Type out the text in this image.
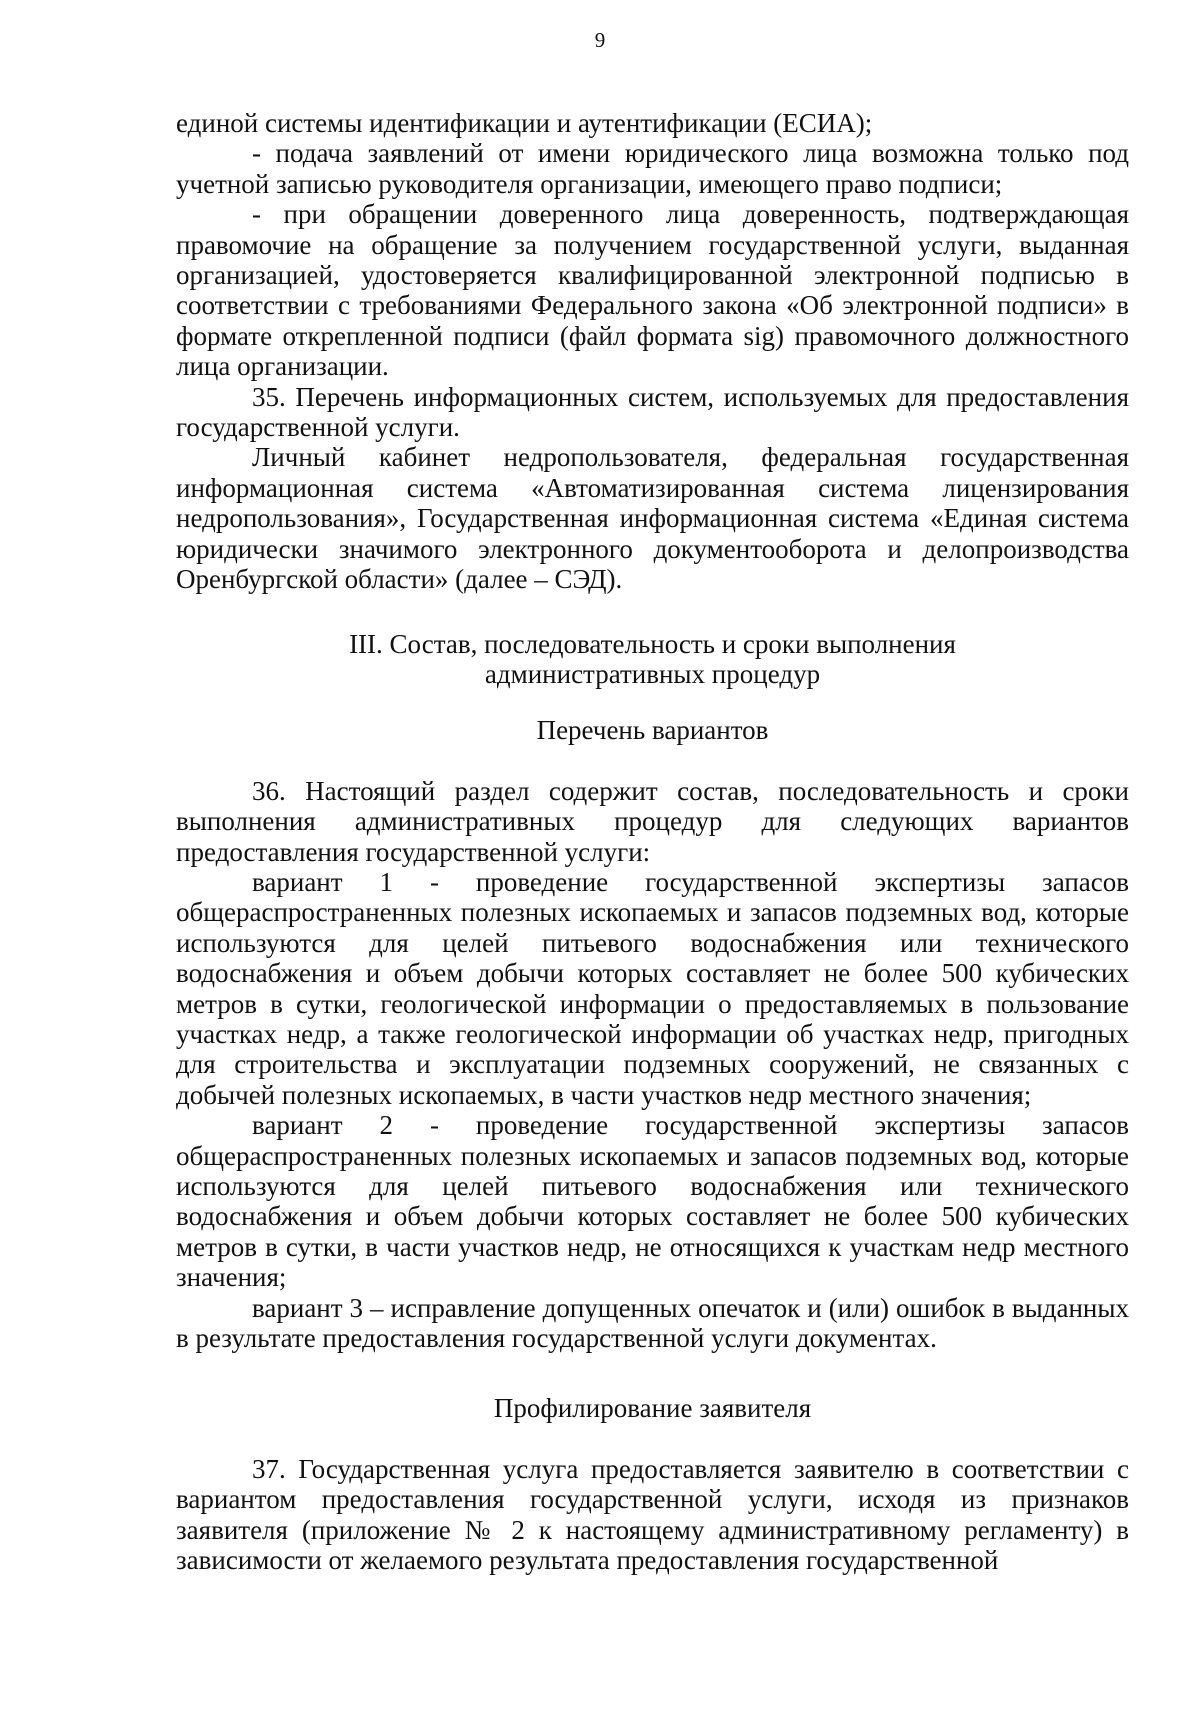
9

единой системы идентификации и аутентификации (ЕСИА);

- подача заявлений от имени юридического лица возможна только под учетной записью руководителя организации, имеющего право подписи;

- при обращении доверенного лица доверенность, подтверждающая правомочие на обращение за получением государственной услуги, выданная организацией, удостоверяется квалифицированной электронной подписью в соответствии с требованиями Федерального закона «Об электронной подписи» в формате открепленной подписи (файл формата sig) правомочного должностного лица организации.

35. Перечень информационных систем, используемых для предоставления государственной услуги.

Личный кабинет недропользователя, федеральная государственная информационная система «Автоматизированная система лицензирования недропользования», Государственная информационная система «Единая система юридически значимого электронного документооборота и делопроизводства Оренбургской области» (далее – СЭД).

III. Состав, последовательность и сроки выполнения
административных процедур
Перечень вариантов

36. Настоящий раздел содержит состав, последовательность и сроки выполнения административных процедур для следующих вариантов предоставления государственной услуги:

вариант 1 - проведение государственной экспертизы запасов общераспространенных полезных ископаемых и запасов подземных вод, которые используются для целей питьевого водоснабжения или технического водоснабжения и объем добычи которых составляет не более 500 кубических метров в сутки, геологической информации о предоставляемых в пользование участках недр, а также геологической информации об участках недр, пригодных для строительства и эксплуатации подземных сооружений, не связанных с добычей полезных ископаемых, в части участков недр местного значения;

вариант 2 - проведение государственной экспертизы запасов общераспространенных полезных ископаемых и запасов подземных вод, которые используются для целей питьевого водоснабжения или технического водоснабжения и объем добычи которых составляет не более 500 кубических метров в сутки, в части участков недр, не относящихся к участкам недр местного значения;

вариант 3 – исправление допущенных опечаток и (или) ошибок в выданных в результате предоставления государственной услуги документах.

Профилирование заявителя

37. Государственная услуга предоставляется заявителю в соответствии с вариантом предоставления государственной услуги, исходя из признаков заявителя (приложение № 2 к настоящему административному регламенту) в зависимости от желаемого результата предоставления государственной
